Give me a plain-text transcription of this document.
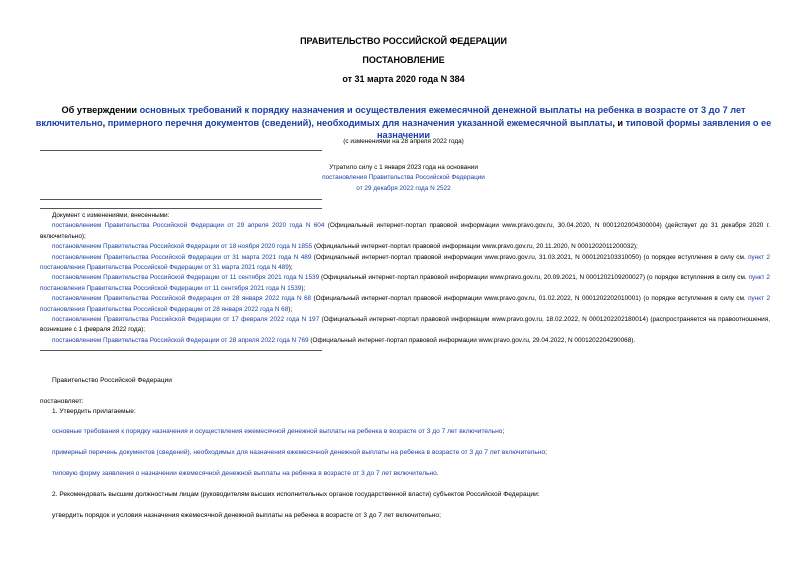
ПРАВИТЕЛЬСТВО РОССИЙСКОЙ ФЕДЕРАЦИИ
ПОСТАНОВЛЕНИЕ
от 31 марта 2020 года N 384
Об утверждении основных требований к порядку назначения и осуществления ежемесячной денежной выплаты на ребенка в возрасте от 3 до 7 лет включительно, примерного перечня документов (сведений), необходимых для назначения указанной ежемесячной выплаты, и типовой формы заявления о ее назначении
(с изменениями на 28 апреля 2022 года)
Утратило силу с 1 января 2023 года на основании
постановления Правительства Российской Федерации
от 29 декабря 2022 года N 2522
Документ с изменениями, внесенными:
постановлением Правительства Российской Федерации от 29 апреля 2020 года N 604 (Официальный интернет-портал правовой информации www.pravo.gov.ru, 30.04.2020, N 0001202004300004) (действует до 31 декабря 2020 г. включительно);
постановлением Правительства Российской Федерации от 18 ноября 2020 года N 1855 (Официальный интернет-портал правовой информации www.pravo.gov.ru, 20.11.2020, N 0001202011200032);
постановлением Правительства Российской Федерации от 31 марта 2021 года N 489 (Официальный интернет-портал правовой информации www.pravo.gov.ru, 31.03.2021, N 0001202103310050) (о порядке вступления в силу см. пункт 2 постановления Правительства Российской Федерации от 31 марта 2021 года N 489);
постановлением Правительства Российской Федерации от 11 сентября 2021 года N 1539 (Официальный интернет-портал правовой информации www.pravo.gov.ru, 20.09.2021, N 0001202109200027) (о порядке вступления в силу см. пункт 2 постановления Правительства Российской Федерации от 11 сентября 2021 года N 1539);
постановлением Правительства Российской Федерации от 28 января 2022 года N 68 (Официальный интернет-портал правовой информации www.pravo.gov.ru, 01.02.2022, N 0001202202010001) (о порядке вступления в силу см. пункт 2 постановления Правительства Российской Федерации от 28 января 2022 года N 68);
постановлением Правительства Российской Федерации от 17 февраля 2022 года N 197 (Официальный интернет-портал правовой информации www.pravo.gov.ru, 18.02.2022, N 0001202202180014) (распространяется на правоотношения, возникшие с 1 февраля 2022 года);
постановлением Правительства Российской Федерации от 28 апреля 2022 года N 769 (Официальный интернет-портал правовой информации www.pravo.gov.ru, 29.04.2022, N 0001202204290068).
Правительство Российской Федерации
постановляет:
1. Утвердить прилагаемые:
основные требования к порядку назначения и осуществления ежемесячной денежной выплаты на ребенка в возрасте от 3 до 7 лет включительно;
примерный перечень документов (сведений), необходимых для назначения ежемесячной денежной выплаты на ребенка в возрасте от 3 до 7 лет включительно;
типовую форму заявления о назначении ежемесячной денежной выплаты на ребенка в возрасте от 3 до 7 лет включительно.
2. Рекомендовать высшим должностным лицам (руководителям высших исполнительных органов государственной власти) субъектов Российской Федерации:
утвердить порядок и условия назначения ежемесячной денежной выплаты на ребенка в возрасте от 3 до 7 лет включительно;
